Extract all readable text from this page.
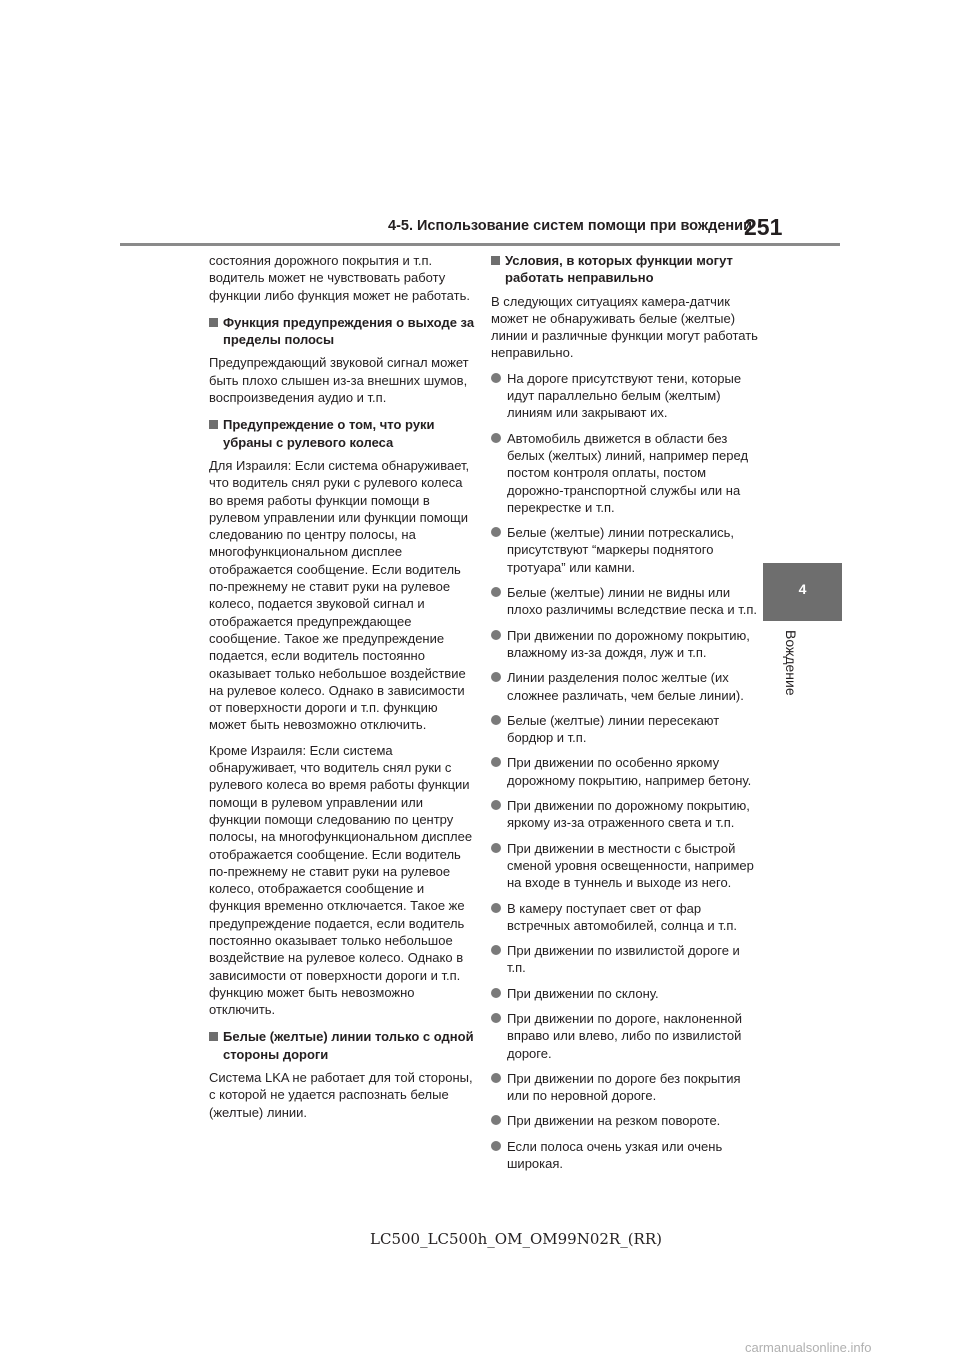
4-5. Использование систем помощи при вождении
251
4
Вождение

состояния дорожного покрытия и т.п. водитель может не чувствовать работу функции либо функция может не работать.

Функция предупреждения о выходе за пределы полосы

Предупреждающий звуковой сигнал может быть плохо слышен из-за внешних шумов, воспроизведения аудио и т.п.

Предупреждение о том, что руки убраны с рулевого колеса

Для Израиля: Если система обнаруживает, что водитель снял руки с рулевого колеса во время работы функции помощи в рулевом управлении или функции помощи следованию по центру полосы, на многофункциональном дисплее отображается сообщение. Если водитель по-прежнему не ставит руки на рулевое колесо, подается звуковой сигнал и отображается предупреждающее сообщение. Такое же предупреждение подается, если водитель постоянно оказывает только небольшое воздействие на рулевое колесо. Однако в зависимости от поверхности дороги и т.п. функцию может быть невозможно отключить.

Кроме Израиля: Если система обнаруживает, что водитель снял руки с рулевого колеса во время работы функции помощи в рулевом управлении или функции помощи следованию по центру полосы, на многофункциональном дисплее отображается сообщение. Если водитель по-прежнему не ставит руки на рулевое колесо, отображается сообщение и функция временно отключается. Такое же предупреждение подается, если водитель постоянно оказывает только небольшое воздействие на рулевое колесо. Однако в зависимости от поверхности дороги и т.п. функцию может быть невозможно отключить.

Белые (желтые) линии только с одной стороны дороги

Система LKA не работает для той стороны, с которой не удается распознать белые (желтые) линии.

Условия, в которых функции могут работать неправильно

В следующих ситуациях камера-датчик может не обнаруживать белые (желтые) линии и различные функции могут работать неправильно.

На дороге присутствуют тени, которые идут параллельно белым (желтым) линиям или закрывают их.
Автомобиль движется в области без белых (желтых) линий, например перед постом контроля оплаты, постом дорожно-транспортной службы или на перекрестке и т.п.
Белые (желтые) линии потрескались, присутствуют “маркеры поднятого тротуара” или камни.
Белые (желтые) линии не видны или плохо различимы вследствие песка и т.п.
При движении по дорожному покрытию, влажному из-за дождя, луж и т.п.
Линии разделения полос желтые (их сложнее различать, чем белые линии).
Белые (желтые) линии пересекают бордюр и т.п.
При движении по особенно яркому дорожному покрытию, например бетону.
При движении по дорожному покрытию, яркому из-за отраженного света и т.п.
При движении в местности с быстрой сменой уровня освещенности, например на входе в туннель и выходе из него.
В камеру поступает свет от фар встречных автомобилей, солнца и т.п.
При движении по извилистой дороге и т.п.
При движении по склону.
При движении по дороге, наклоненной вправо или влево, либо по извилистой дороге.
При движении по дороге без покрытия или по неровной дороге.
При движении на резком повороте.
Если полоса очень узкая или очень широкая.
LC500_LC500h_OM_OM99N02R_(RR)
carmanualsonline.info
